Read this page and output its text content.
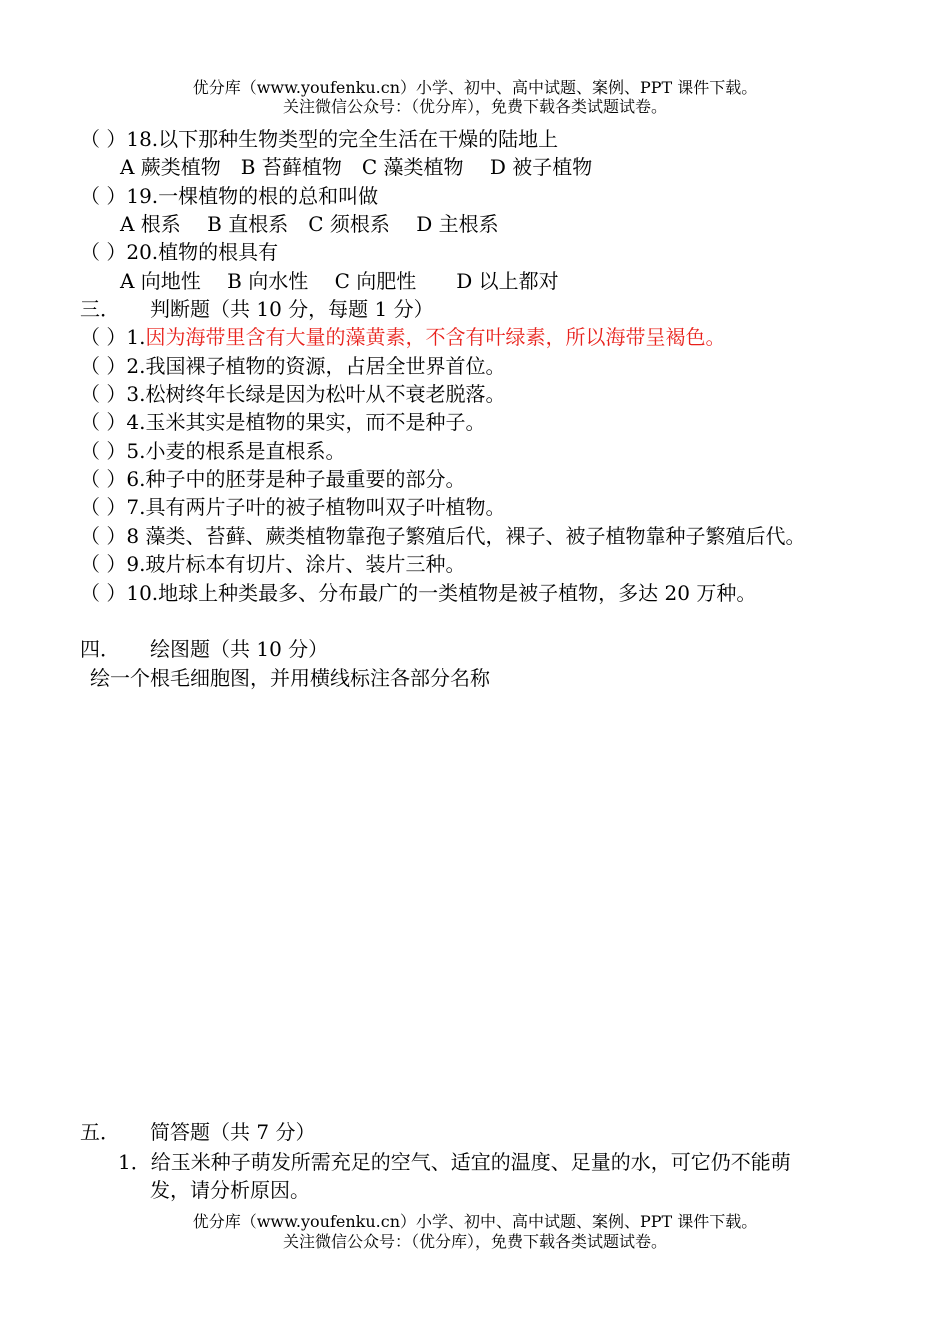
优分库（www.youfenku.cn）小学、初中、高中试题、案例、PPT 课件下载。
关注微信公众号：（优分库），免费下载各类试题试卷。
（ ）18.以下那种生物类型的完全生活在干燥的陆地上
A 蕨类植物　B 苔藓植物　C 藻类植物　 D 被子植物
（ ）19.一棵植物的根的总和叫做
A 根系　 B 直根系　C 须根系　 D 主根系
（ ）20.植物的根具有
A 向地性　 B 向水性　 C 向肥性　　D 以上都对
三．　　判断题（共 10 分，每题 1 分）
（ ）1.因为海带里含有大量的藻黄素，不含有叶绿素，所以海带呈褐色。
（ ）2.我国裸子植物的资源，占居全世界首位。
（ ）3.松树终年长绿是因为松叶从不衰老脱落。
（ ）4.玉米其实是植物的果实，而不是种子。
（ ）5.小麦的根系是直根系。
（ ）6.种子中的胚芽是种子最重要的部分。
（ ）7.具有两片子叶的被子植物叫双子叶植物。
（ ）8 藻类、苔藓、蕨类植物靠孢子繁殖后代，裸子、被子植物靠种子繁殖后代。
（ ）9.玻片标本有切片、涂片、装片三种。
（ ）10.地球上种类最多、分布最广的一类植物是被子植物，多达 20 万种。
四．　　绘图题（共 10 分）
绘一个根毛细胞图，并用横线标注各部分名称
五．　　简答题（共 7 分）
1．给玉米种子萌发所需充足的空气、适宜的温度、足量的水，可它仍不能萌
发，请分析原因。
优分库（www.youfenku.cn）小学、初中、高中试题、案例、PPT 课件下载。
关注微信公众号：（优分库），免费下载各类试题试卷。
